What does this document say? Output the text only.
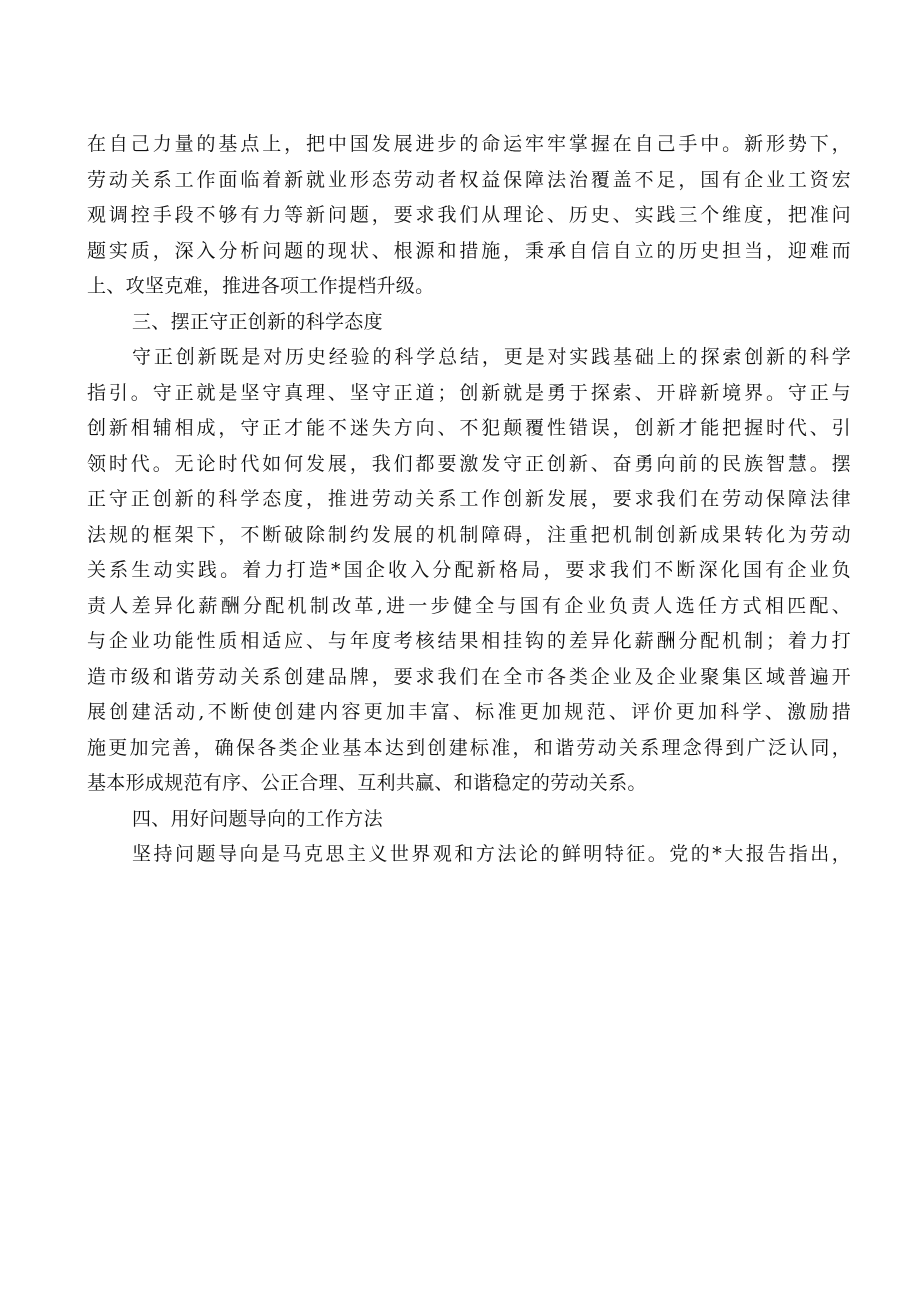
在自己力量的基点上，把中国发展进步的命运牢牢掌握在自己手中。新形势下，
劳动关系工作面临着新就业形态劳动者权益保障法治覆盖不足，国有企业工资宏
观调控手段不够有力等新问题，要求我们从理论、历史、实践三个维度，把准问
题实质，深入分析问题的现状、根源和措施，秉承自信自立的历史担当，迎难而
上、攻坚克难，推进各项工作提档升级。
三、摆正守正创新的科学态度
守正创新既是对历史经验的科学总结，更是对实践基础上的探索创新的科学
指引。守正就是坚守真理、坚守正道；创新就是勇于探索、开辟新境界。守正与
创新相辅相成，守正才能不迷失方向、不犯颠覆性错误，创新才能把握时代、引
领时代。无论时代如何发展，我们都要激发守正创新、奋勇向前的民族智慧。摆
正守正创新的科学态度，推进劳动关系工作创新发展，要求我们在劳动保障法律
法规的框架下，不断破除制约发展的机制障碍，注重把机制创新成果转化为劳动
关系生动实践。着力打造*国企收入分配新格局，要求我们不断深化国有企业负
责人差异化薪酬分配机制改革,进一步健全与国有企业负责人选任方式相匹配、
与企业功能性质相适应、与年度考核结果相挂钩的差异化薪酬分配机制；着力打
造市级和谐劳动关系创建品牌，要求我们在全市各类企业及企业聚集区域普遍开
展创建活动,不断使创建内容更加丰富、标准更加规范、评价更加科学、激励措
施更加完善，确保各类企业基本达到创建标准，和谐劳动关系理念得到广泛认同，
基本形成规范有序、公正合理、互利共赢、和谐稳定的劳动关系。
四、用好问题导向的工作方法
坚持问题导向是马克思主义世界观和方法论的鲜明特征。党的*大报告指出，
